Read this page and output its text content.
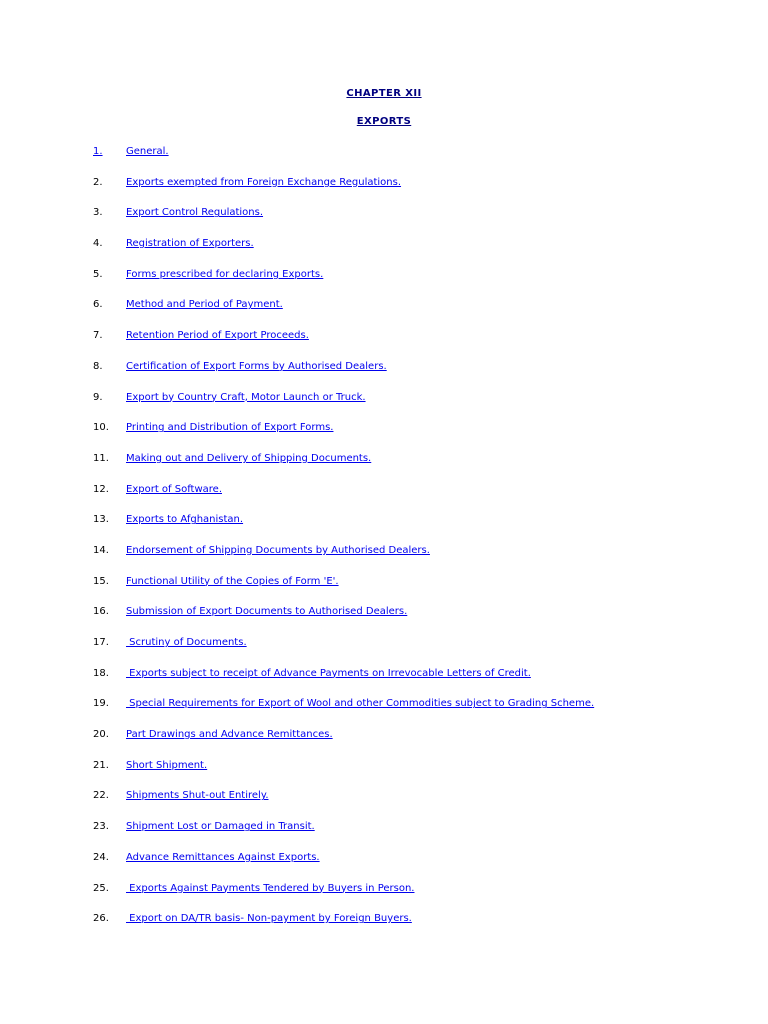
CHAPTER XII
EXPORTS
1.	General.
2.	Exports exempted from Foreign Exchange Regulations.
3.	Export Control Regulations.
4.	Registration of Exporters.
5.	Forms prescribed for declaring Exports.
6.	Method and Period of Payment.
7.	Retention Period of Export Proceeds.
8.	Certification of Export Forms by Authorised Dealers.
9.	Export by Country Craft, Motor Launch or Truck.
10.	Printing and Distribution of Export Forms.
11.	Making out and Delivery of Shipping Documents.
12.	Export of Software.
13.	Exports to Afghanistan.
14.	Endorsement of Shipping Documents by Authorised Dealers.
15.	Functional Utility of the Copies of Form 'E'.
16.	Submission of Export Documents to Authorised Dealers.
17.	Scrutiny of Documents.
18.	Exports subject to receipt of Advance Payments on Irrevocable Letters of Credit.
19.	Special Requirements for Export of Wool and other Commodities subject to Grading Scheme.
20.	Part Drawings and Advance Remittances.
21.	Short Shipment.
22.	Shipments Shut-out Entirely.
23.	Shipment Lost or Damaged in Transit.
24.	Advance Remittances Against Exports.
25.	Exports Against Payments Tendered by Buyers in Person.
26.	Export on DA/TR basis- Non-payment by Foreign Buyers.
